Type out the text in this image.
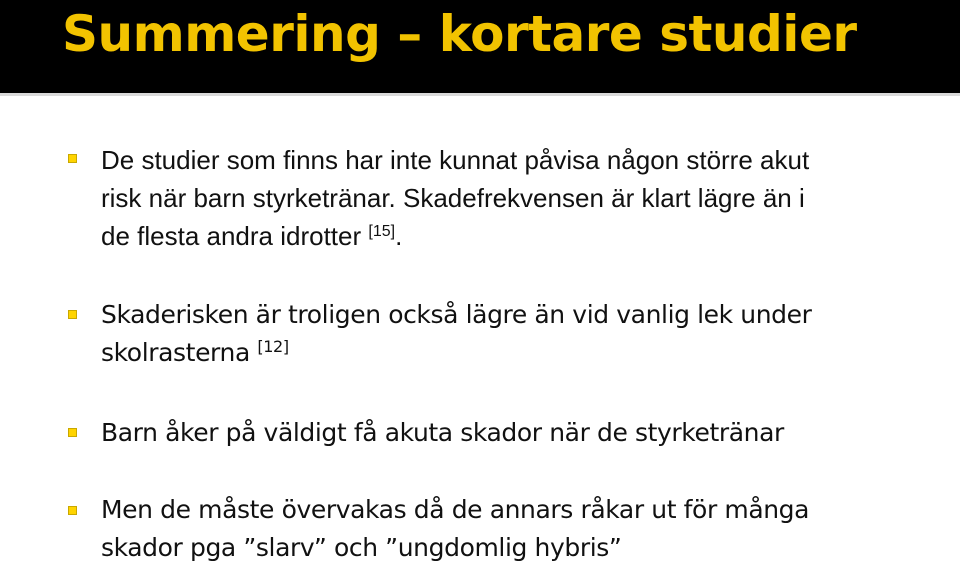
Summering – kortare studier
De studier som finns har inte kunnat påvisa någon större akut
risk när barn styrketränar. Skadefrekvensen är klart lägre än i
de flesta andra idrotter [15].
Skaderisken är troligen också lägre än vid vanlig lek under
skolrasterna [12]
Barn åker på väldigt få akuta skador när de styrketränar
Men de måste övervakas då de annars råkar ut för många
skador pga ”slarv” och ”ungdomlig hybris”
